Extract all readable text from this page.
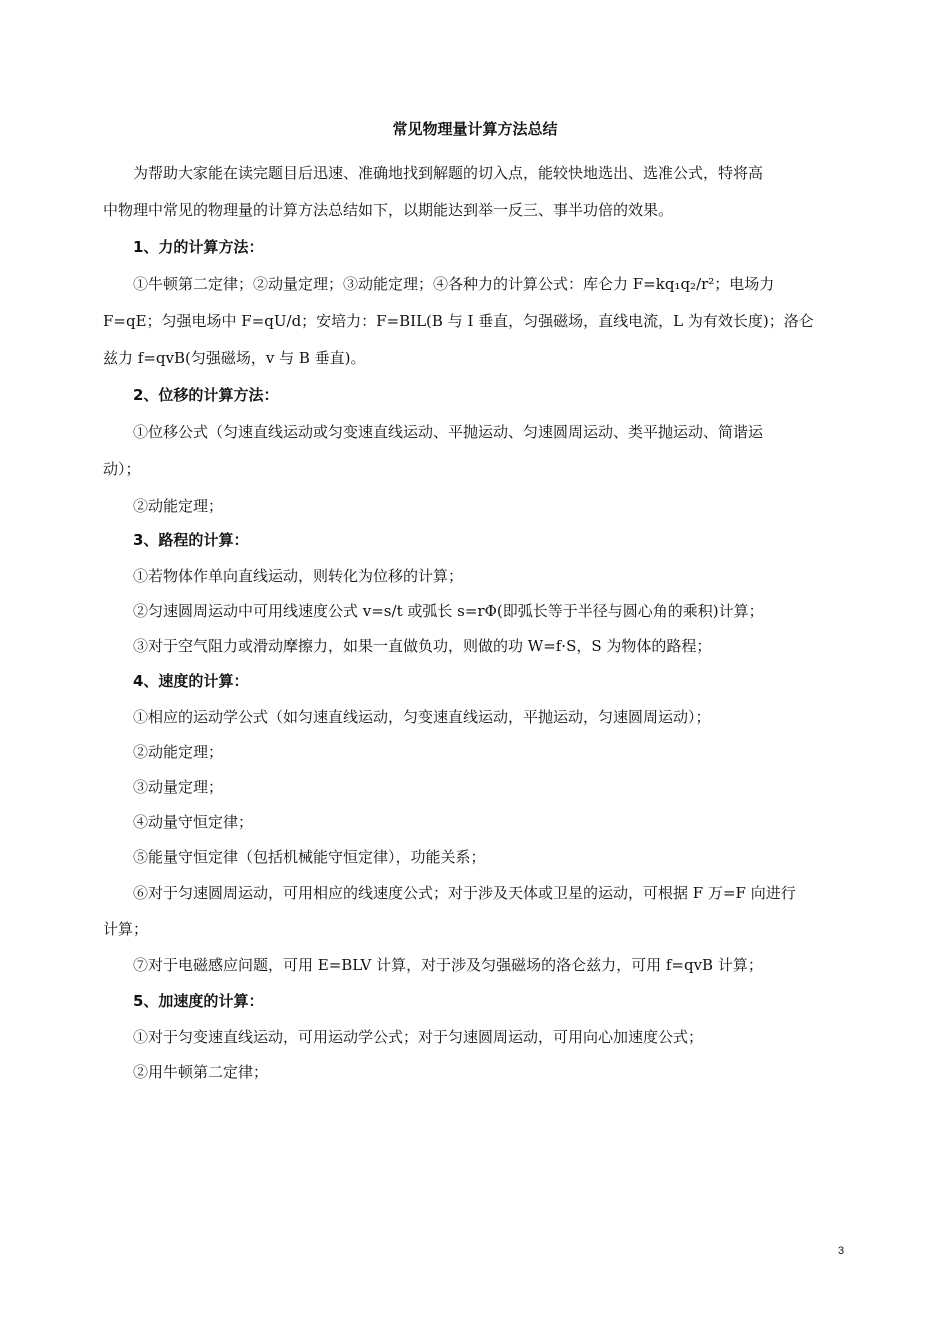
常见物理量计算方法总结
为帮助大家能在读完题目后迅速、准确地找到解题的切入点，能较快地选出、选准公式，特将高
中物理中常见的物理量的计算方法总结如下，以期能达到举一反三、事半功倍的效果。
1、力的计算方法：
①牛顿第二定律；②动量定理；③动能定理；④各种力的计算公式：库仑力 F=kq₁q₂/r²；电场力
F=qE；匀强电场中 F=qU/d；安培力：F=BIL(B 与 I 垂直，匀强磁场，直线电流，L 为有效长度)；洛仑
兹力 f=qvB(匀强磁场，v 与 B 垂直)。
2、位移的计算方法：
①位移公式（匀速直线运动或匀变速直线运动、平抛运动、匀速圆周运动、类平抛运动、简谐运
动）；
②动能定理；
3、路程的计算：
①若物体作单向直线运动，则转化为位移的计算；
②匀速圆周运动中可用线速度公式 v=s/t 或弧长 s=rΦ(即弧长等于半径与圆心角的乘积)计算；
③对于空气阻力或滑动摩擦力，如果一直做负功，则做的功 W=f·S，S 为物体的路程；
4、速度的计算：
①相应的运动学公式（如匀速直线运动，匀变速直线运动，平抛运动，匀速圆周运动）；
②动能定理；
③动量定理；
④动量守恒定律；
⑤能量守恒定律（包括机械能守恒定律），功能关系；
⑥对于匀速圆周运动，可用相应的线速度公式；对于涉及天体或卫星的运动，可根据 F 万=F 向进行
计算；
⑦对于电磁感应问题，可用 E=BLV 计算，对于涉及匀强磁场的洛仑兹力，可用 f=qvB 计算；
5、加速度的计算：
①对于匀变速直线运动，可用运动学公式；对于匀速圆周运动，可用向心加速度公式；
②用牛顿第二定律；
3
